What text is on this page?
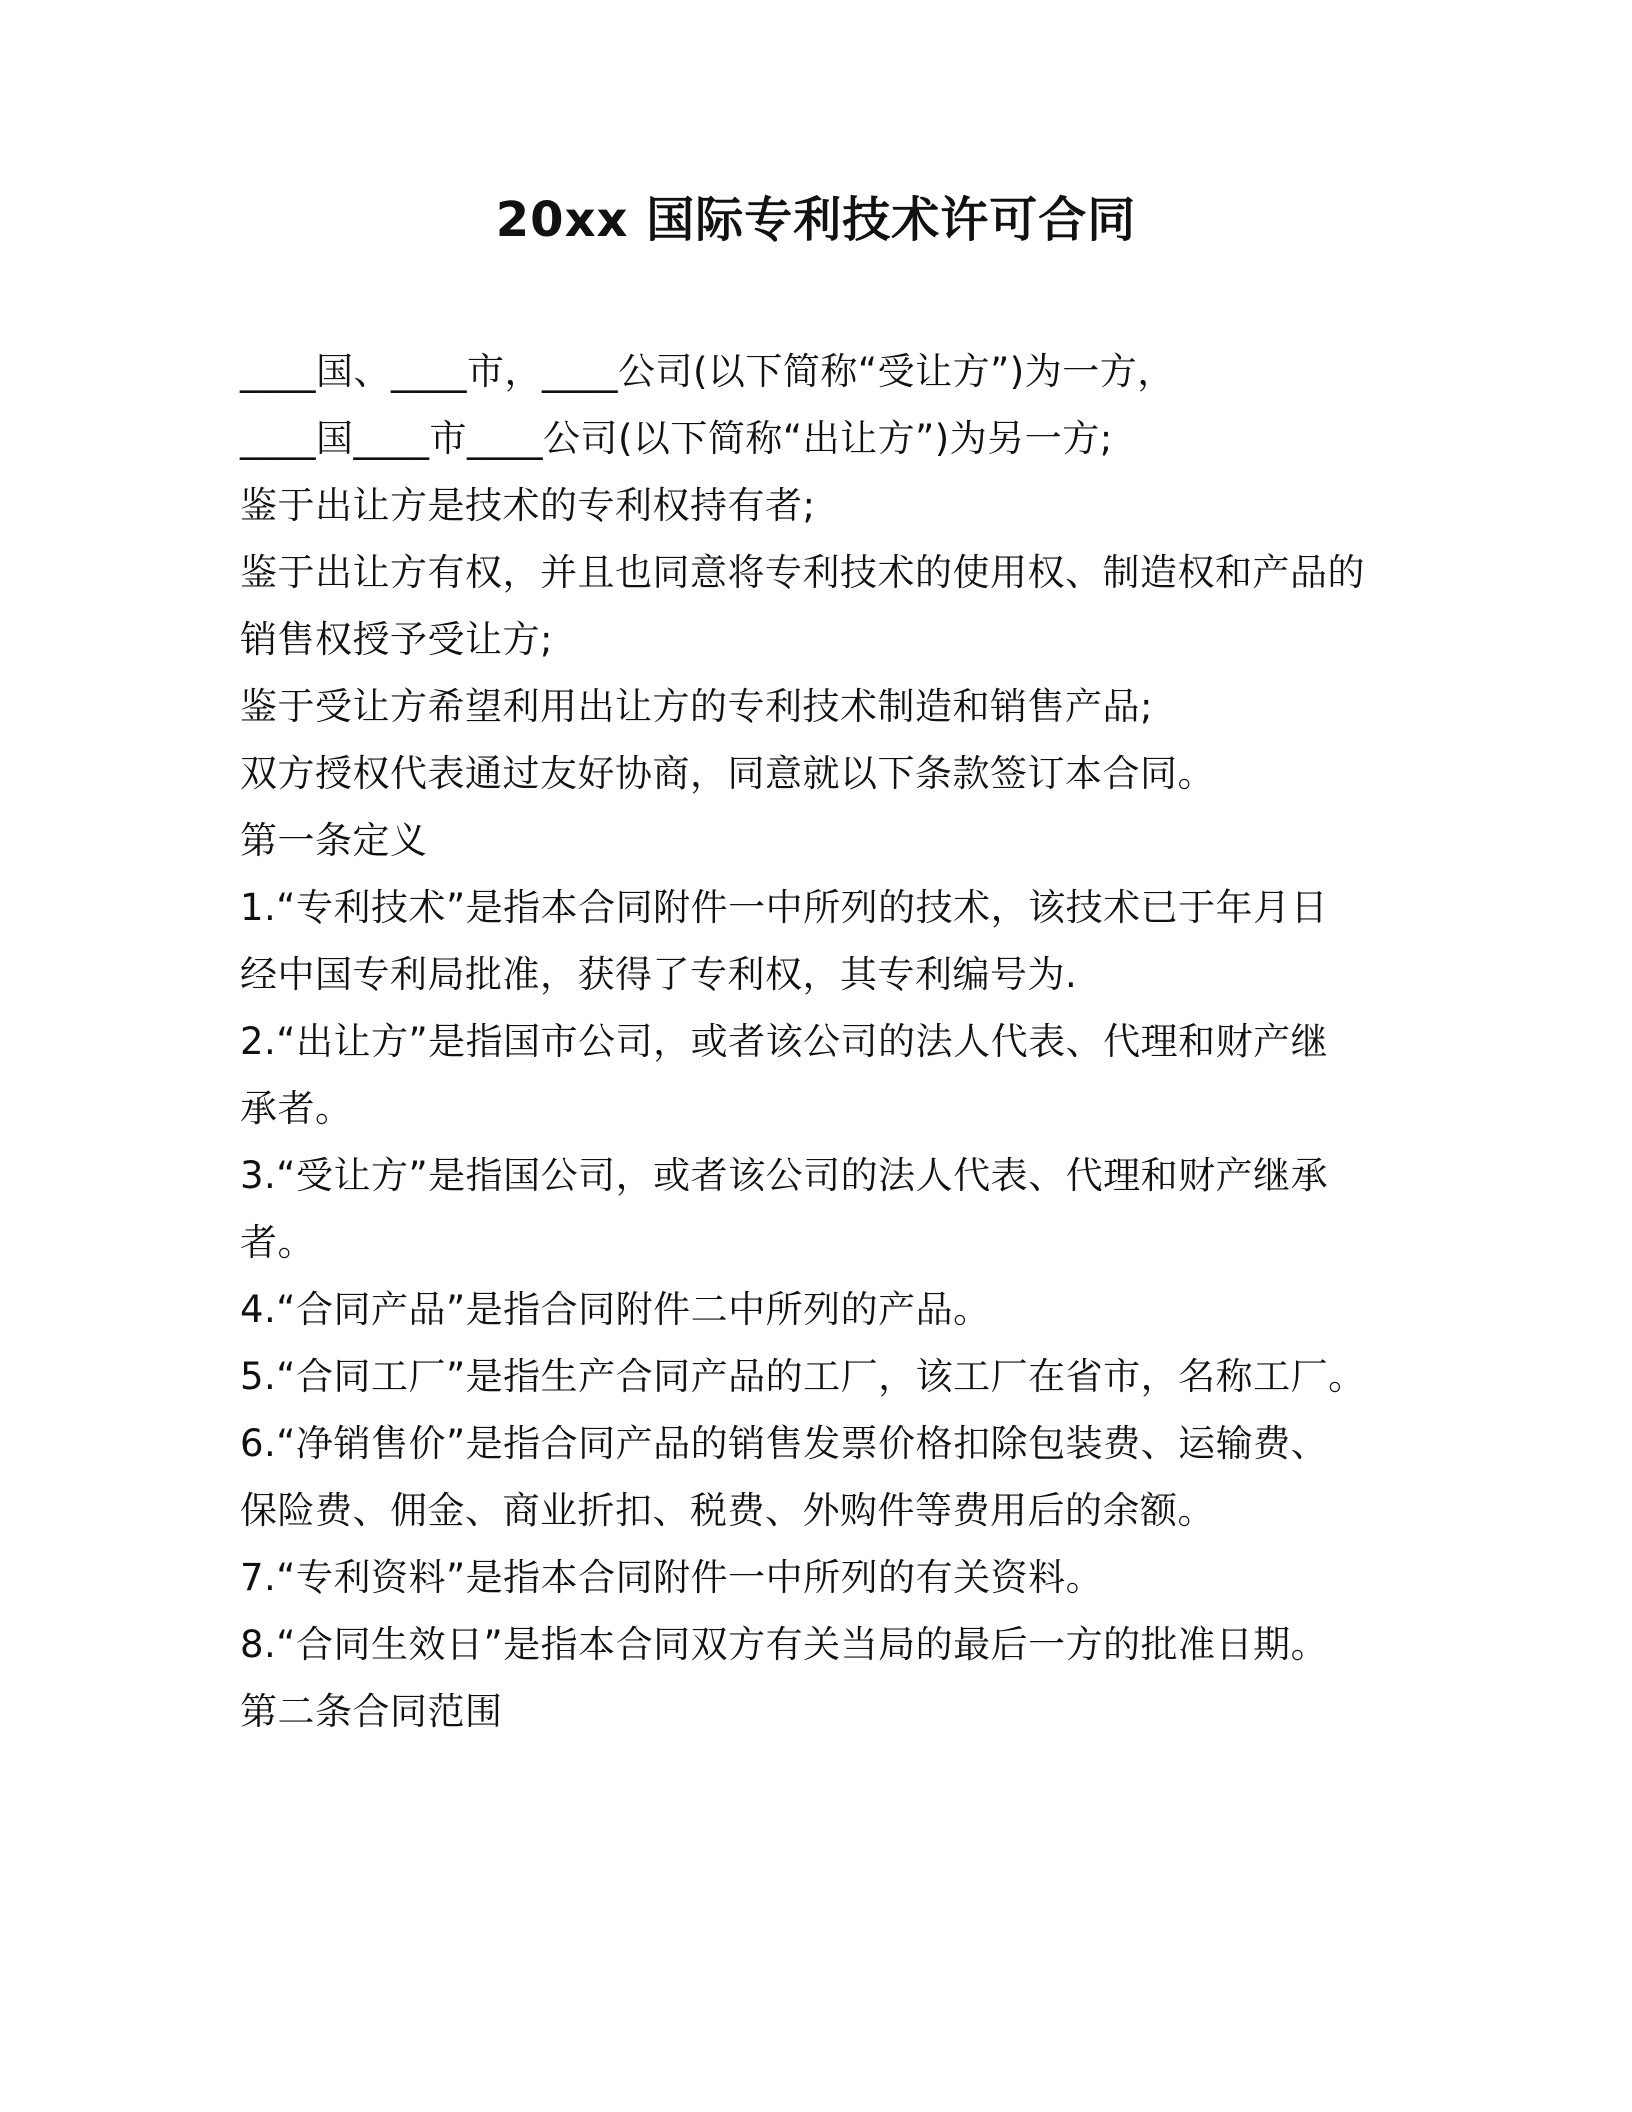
20xx 国际专利技术许可合同
____国、____市，____公司(以下简称“受让方”)为一方，
____国____市____公司(以下简称“出让方”)为另一方;
鉴于出让方是技术的专利权持有者;
鉴于出让方有权，并且也同意将专利技术的使用权、制造权和产品的
销售权授予受让方;
鉴于受让方希望利用出让方的专利技术制造和销售产品;
双方授权代表通过友好协商，同意就以下条款签订本合同。
第一条定义
1.“专利技术”是指本合同附件一中所列的技术，该技术已于年月日
经中国专利局批准，获得了专利权，其专利编号为.
2.“出让方”是指国市公司，或者该公司的法人代表、代理和财产继
承者。
3.“受让方”是指国公司，或者该公司的法人代表、代理和财产继承
者。
4.“合同产品”是指合同附件二中所列的产品。
5.“合同工厂”是指生产合同产品的工厂，该工厂在省市，名称工厂。
6.“净销售价”是指合同产品的销售发票价格扣除包装费、运输费、
保险费、佣金、商业折扣、税费、外购件等费用后的余额。
7.“专利资料”是指本合同附件一中所列的有关资料。
8.“合同生效日”是指本合同双方有关当局的最后一方的批准日期。
第二条合同范围
